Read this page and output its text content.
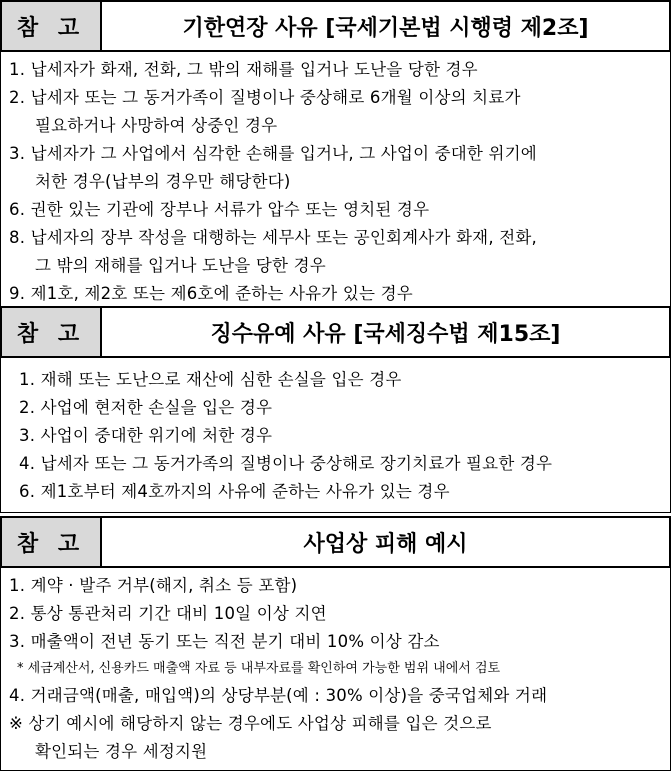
참 고	기한연장 사유 [국세기본법 시행령 제2조]
1. 납세자가 화재, 전화, 그 밖의 재해를 입거나 도난을 당한 경우
2. 납세자 또는 그 동거가족이 질병이나 중상해로 6개월 이상의 치료가
필요하거나 사망하여 상중인 경우
3. 납세자가 그 사업에서 심각한 손해를 입거나, 그 사업이 중대한 위기에
처한 경우(납부의 경우만 해당한다)
6. 권한 있는 기관에 장부나 서류가 압수 또는 영치된 경우
8. 납세자의 장부 작성을 대행하는 세무사 또는 공인회계사가 화재, 전화,
그 밖의 재해를 입거나 도난을 당한 경우
9. 제1호, 제2호 또는 제6호에 준하는 사유가 있는 경우
참 고	징수유예 사유 [국세징수법 제15조]
1. 재해 또는 도난으로 재산에 심한 손실을 입은 경우
2. 사업에 현저한 손실을 입은 경우
3. 사업이 중대한 위기에 처한 경우
4. 납세자 또는 그 동거가족의 질병이나 중상해로 장기치료가 필요한 경우
6. 제1호부터 제4호까지의 사유에 준하는 사유가 있는 경우
참 고	사업상 피해 예시
1. 계약 · 발주 거부(해지, 취소 등 포함)
2. 통상 통관처리 기간 대비 10일 이상 지연
3. 매출액이 전년 동기 또는 직전 분기 대비 10% 이상 감소
* 세금계산서, 신용카드 매출액 자료 등 내부자료를 확인하여 가능한 범위 내에서 검토
4. 거래금액(매출, 매입액)의 상당부분(예 : 30% 이상)을 중국업체와 거래
※ 상기 예시에 해당하지 않는 경우에도 사업상 피해를 입은 것으로
확인되는 경우 세정지원
